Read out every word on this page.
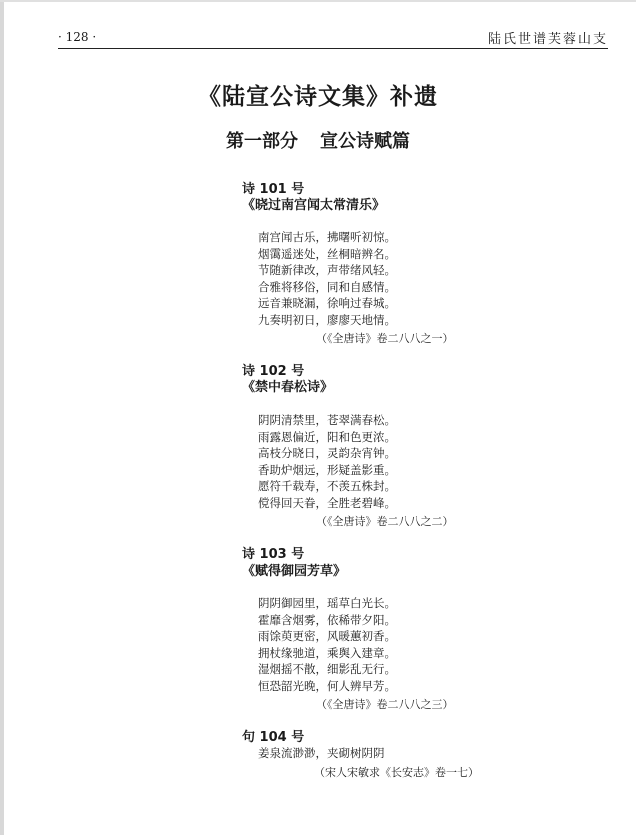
· 128 ·	陆氏世谱芙蓉山支
《陆宣公诗文集》补遗
第一部分 宣公诗赋篇
诗 101 号
《晓过南宫闻太常清乐》
南宫闻古乐，拂曙听初惊。
烟霭遥迷处，丝桐暗辨名。
节随新律改，声带绪风轻。
合雅将移俗，同和自感情。
远音兼晓漏，徐响过春城。
九奏明初日，廖廖天地情。
（《全唐诗》卷二八八之一）
诗 102 号
《禁中春松诗》
阴阴清禁里，苍翠满春松。
雨露恩偏近，阳和色更浓。
高枝分晓日，灵韵杂宵钟。
香助炉烟远，形疑盖影重。
愿符千载寿，不羡五株封。
傥得回天眷，全胜老碧峰。
（《全唐诗》卷二八八之二）
诗 103 号
《赋得御园芳草》
阴阴御园里，瑶草白光长。
霍靡含烟雾，依稀带夕阳。
雨馀萸更密，风暖蕙初香。
拥杖缘驰道，乘舆入建章。
湿烟摇不散，细影乱无行。
恒恐韶光晚，何人辨早芳。
（《全唐诗》卷二八八之三）
句 104 号
姜泉流渺渺，夹砌树阴阴
（宋人宋敏求《长安志》卷一七）
